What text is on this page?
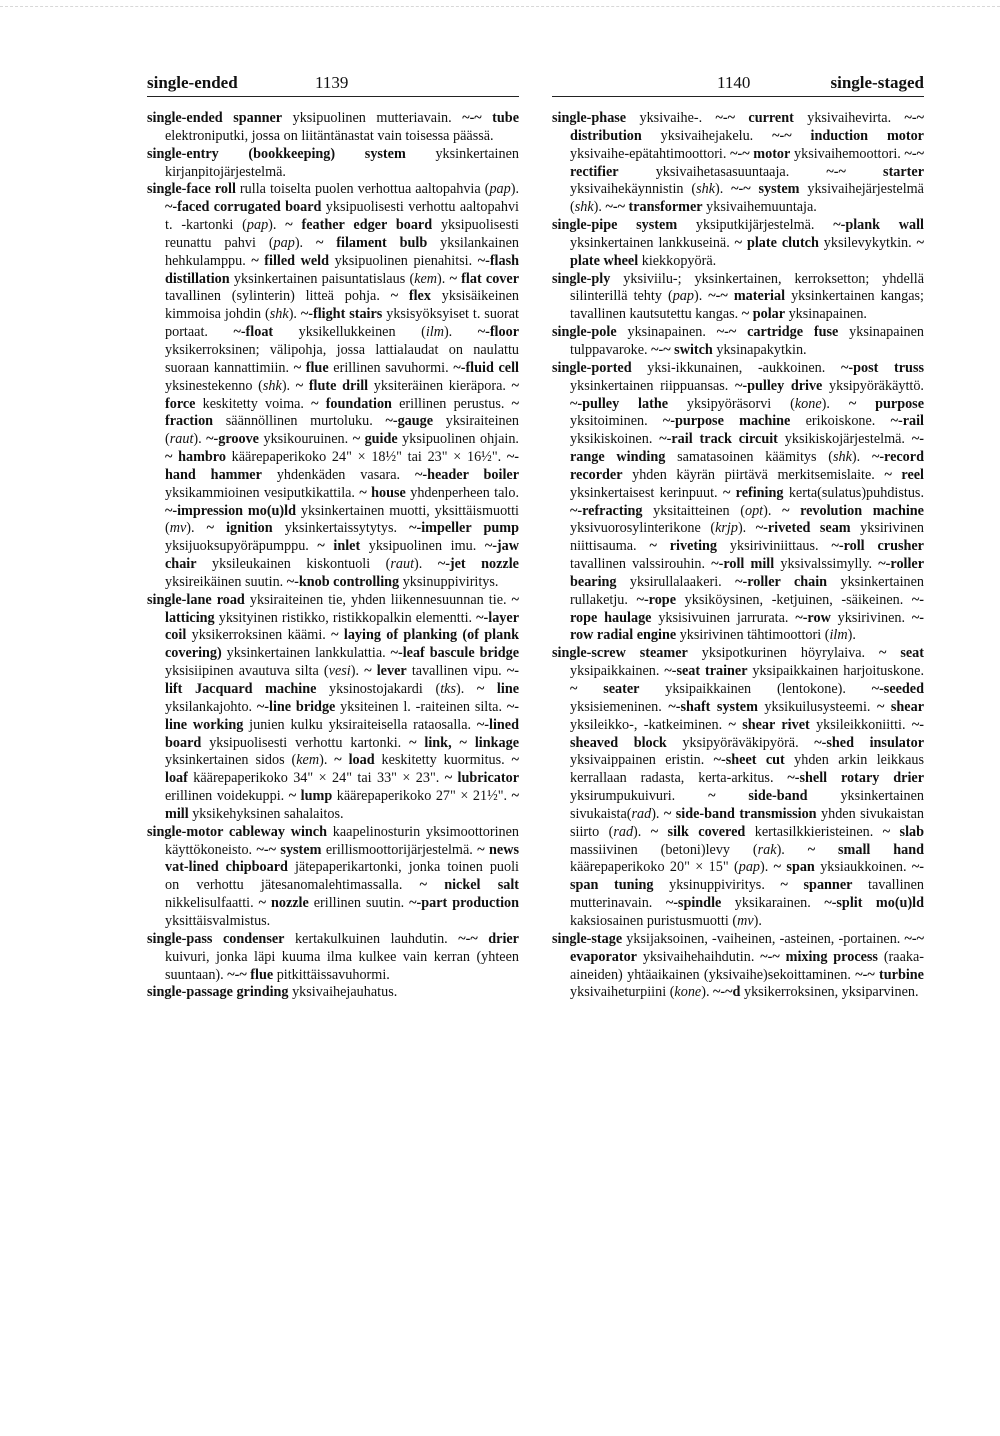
single-ended	1139	1140	single-staged

single-ended spanner yksipuolinen mutteriavain. ~-~ tube elektroniputki, jossa on liitäntänastat vain toisessa päässä.

single-entry (bookkeeping) system yksinkertainen kirjanpitojärjestelmä.

single-face roll rulla toiselta puolen verhottua aaltopahvia (pap). ~-faced corrugated board yksipuolisesti verhottu aaltopahvi t. -kartonki (pap). ~ feather edger board yksipuolisesti reunattu pahvi (pap). ~ filament bulb yksilankainen hehkulamppu. ~ filled weld yksipuolinen pienahitsi. ~-flash distillation yksinkertainen paisuntatislaus (kem). ~ flat cover tavallinen (sylinterin) litteä pohja. ~ flex yksisäikeinen kimmoisa johdin (shk). ~-flight stairs yksisyöksyiset t. suorat portaat. ~-float yksikellukkeinen (ilm). ~-floor yksikerroksinen; välipohja, jossa lattialaudat on naulattu suoraan kannattimiin. ~ flue erillinen savuhormi. ~-fluid cell yksinestekenno (shk). ~ flute drill yksiteräinen kieräpora. ~ force keskitetty voima. ~ foundation erillinen perustus. ~ fraction säännöllinen murtoluku. ~-gauge yksiraiteinen (raut). ~-groove yksikouruinen. ~ guide yksipuolinen ohjain. ~ hambro käärepaperikoko 24" × 18½" tai 23" × 16½". ~-hand hammer yhdenkäden vasara. ~-header boiler yksikammioinen vesiputkikattila. ~ house yhdenperheen talo. ~-impression mo(u)ld yksinkertainen muotti, yksittäismuotti (mv). ~ ignition yksinkertaissytytys. ~-impeller pump yksijuoksupyöräpumppu. ~ inlet yksipuolinen imu. ~-jaw chair yksileukainen kiskontuoli (raut). ~-jet nozzle yksireikäinen suutin. ~-knob controlling yksinuppiviritys.

single-lane road yksiraiteinen tie, yhden liikennesuunnan tie. ~ latticing yksityinen ristikko, ristikkopalkin elementti. ~-layer coil yksikerroksinen käämi. ~ laying of planking (of plank covering) yksinkertainen lankkulattia. ~-leaf bascule bridge yksisiipinen avautuva silta (vesi). ~ lever tavallinen vipu. ~-lift Jacquard machine yksinostojakardi (tks). ~ line yksilankajohto. ~-line bridge yksiteinen l. -raiteinen silta. ~-line working junien kulku yksiraiteisella rataosalla. ~-lined board yksipuolisesti verhottu kartonki. ~ link, ~ linkage yksinkertainen sidos (kem). ~ load keskitetty kuormitus. ~ loaf käärepaperikoko 34" × 24" tai 33" × 23". ~ lubricator erillinen voidekuppi. ~ lump käärepaperikoko 27" × 21½". ~ mill yksikehyksinen sahalaitos.

single-motor cableway winch kaapelinosturin yksimoottorinen käyttökoneisto. ~-~ system erillismoottorijärjestelmä. ~ news vat-lined chipboard jätepaperikartonki, jonka toinen puoli on verhottu jätesanomalehtimassalla. ~ nickel salt nikkelisulfaatti. ~ nozzle erillinen suutin. ~-part production yksittäisvalmistus.

single-pass condenser kertakulkuinen lauhdutin. ~-~ drier kuivuri, jonka läpi kuuma ilma kulkee vain kerran (yhteen suuntaan). ~-~ flue pitkittäissavuhormi.

single-passage grinding yksivaihejauhatus.

single-phase yksivaihe-. ~-~ current yksivaihevirta. ~-~ distribution yksivaihejakelu. ~-~ induction motor yksivaihe-epätahtimoottori. ~-~ motor yksivaihemoottori. ~-~ rectifier yksivaihetasasuuntaaja. ~-~ starter yksivaihekäynnistin (shk). ~-~ system yksivaihejärjestelmä (shk). ~-~ transformer yksivaihemuuntaja.

single-pipe system yksiputkijärjestelmä. ~-plank wall yksinkertainen lankkuseinä. ~ plate clutch yksilevykytkin. ~ plate wheel kiekkopyörä.

single-ply yksiviilu-; yksinkertainen, kerroksetton; yhdellä silinterillä tehty (pap). ~-~ material yksinkertainen kangas; tavallinen kautsutettu kangas. ~ polar yksinapainen.

single-pole yksinapainen. ~-~ cartridge fuse yksinapainen tulppavaroke. ~-~ switch yksinapakytkin.

single-ported yksi-ikkunainen, -aukkoinen. ~-post truss yksinkertainen riippuansas. ~-pulley drive yksipyöräkäyttö. ~-pulley lathe yksipyöräsorvi (kone). ~ purpose yksitoiminen. ~-purpose machine erikoiskone. ~-rail yksikiskoinen. ~-rail track circuit yksikiskojärjestelmä. ~-range winding samatasoinen käämitys (shk). ~-record recorder yhden käyrän piirtävä merkitsemislaite. ~ reel yksinkertaisest kerinpuut. ~ refining kerta(sulatus)puhdistus. ~-refracting yksitaitteinen (opt). ~ revolution machine yksivuorosylinterikone (krjp). ~-riveted seam yksirivinen niittisauma. ~ riveting yksiriviniittaus. ~-roll crusher tavallinen valssirouhin. ~-roll mill yksivalssimylly. ~-roller bearing yksirullalaakeri. ~-roller chain yksinkertainen rullaketju. ~-rope yksiköysinen, -ketjuinen, -säikeinen. ~-rope haulage yksisivuinen jarrurata. ~-row yksirivinen. ~-row radial engine yksirivinen tähtimoottori (ilm).

single-screw steamer yksipotkurinen höyrylaiva. ~ seat yksipaikkainen. ~-seat trainer yksipaikkainen harjoituskone. ~ seater yksipaikkainen (lentokone). ~-seeded yksisiemeninen. ~-shaft system yksikuilusysteemi. ~ shear yksileikko-, -katkeiminen. ~ shear rivet yksileikkoniitti. ~-sheaved block yksipyöräväkipyörä. ~-shed insulator yksivaippainen eristin. ~-sheet cut yhden arkin leikkaus kerrallaan radasta, kerta-arkitus. ~-shell rotary drier yksirumpukuivuri. ~ side-band yksinkertainen sivukaista(rad). ~ side-band transmission yhden sivukaistan siirto (rad). ~ silk covered kertasilkkieristeinen. ~ slab massiivinen (betoni)levy (rak). ~ small hand käärepaperikoko 20" × 15" (pap). ~ span yksiaukkoinen. ~-span tuning yksinuppiviritys. ~ spanner tavallinen mutterinavain. ~-spindle yksikarainen. ~-split mo(u)ld kaksiosainen puristusmuotti (mv).

single-stage yksijaksoinen, -vaiheinen, -asteinen, -portainen. ~-~ evaporator yksivaihehaihdutin. ~-~ mixing process (raaka-aineiden) yhtäaikainen (yksivaihe)sekoittaminen. ~-~ turbine yksivaiheturpiini (kone). ~-~d yksikerroksinen, yksiparvinen.
